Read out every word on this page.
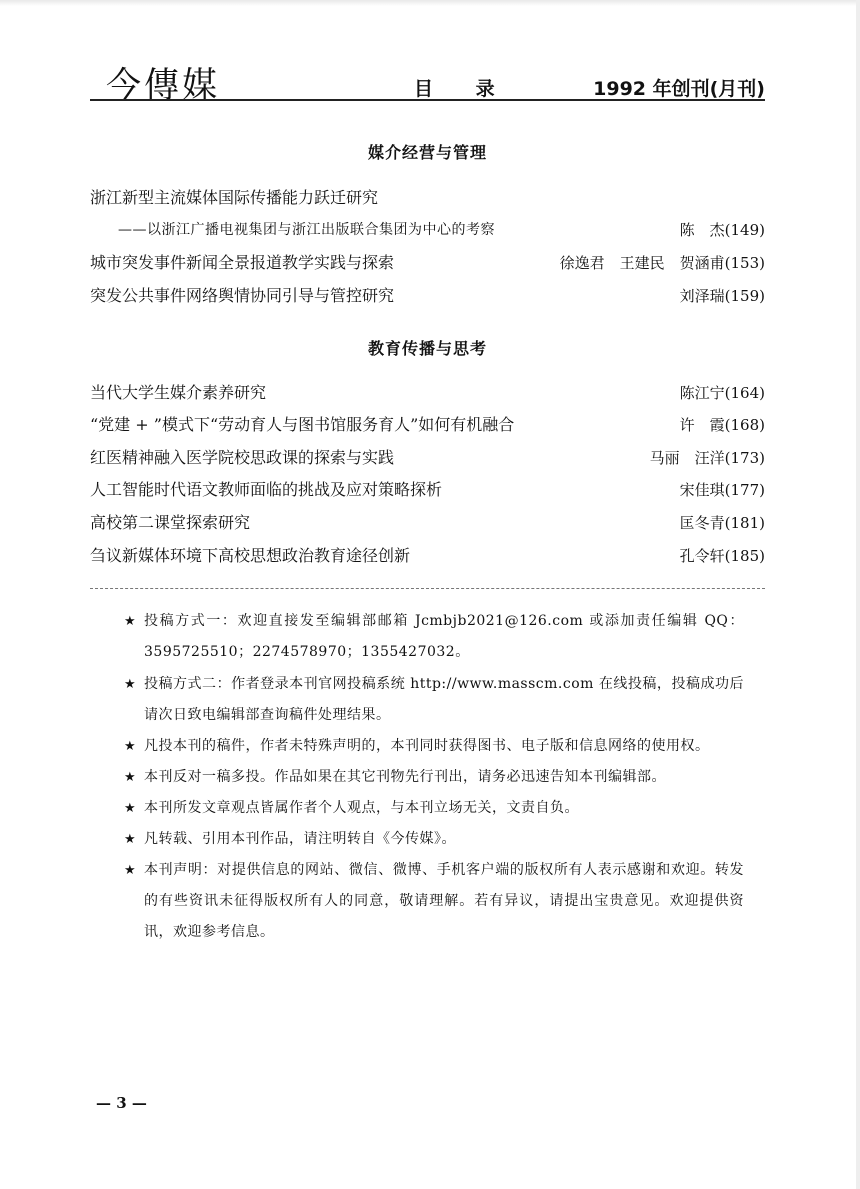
今傳媒	目 录	1992 年创刊(月刊)
媒介经营与管理
浙江新型主流媒体国际传播能力跃迁研究
——以浙江广播电视集团与浙江出版联合集团为中心的考察	陈　杰(149)
城市突发事件新闻全景报道教学实践与探索	徐逸君　王建民　贺涵甫(153)
突发公共事件网络舆情协同引导与管控研究	刘泽瑞(159)
教育传播与思考
当代大学生媒介素养研究	陈江宁(164)
“党建 + ”模式下“劳动育人与图书馆服务育人”如何有机融合	许　霞(168)
红医精神融入医学院校思政课的探索与实践	马丽　汪洋(173)
人工智能时代语文教师面临的挑战及应对策略探析	宋佳琪(177)
高校第二课堂探索研究	匡冬青(181)
刍议新媒体环境下高校思想政治教育途径创新	孔令轩(185)
★ 投稿方式一：欢迎直接发至编辑部邮箱 Jcmbjb2021@126.com 或添加责任编辑 QQ：3595725510；2274578970；1355427032。
★ 投稿方式二：作者登录本刊官网投稿系统 http://www.masscm.com 在线投稿，投稿成功后请次日致电编辑部查询稿件处理结果。
★ 凡投本刊的稿件，作者未特殊声明的，本刊同时获得图书、电子版和信息网络的使用权。
★ 本刊反对一稿多投。作品如果在其它刊物先行刊出，请务必迅速告知本刊编辑部。
★ 本刊所发文章观点皆属作者个人观点，与本刊立场无关，文责自负。
★ 凡转载、引用本刊作品，请注明转自《今传媒》。
★ 本刊声明：对提供信息的网站、微信、微博、手机客户端的版权所有人表示感谢和欢迎。转发的有些资讯未征得版权所有人的同意，敬请理解。若有异议，请提出宝贵意见。欢迎提供资讯，欢迎参考信息。
— 3 —
